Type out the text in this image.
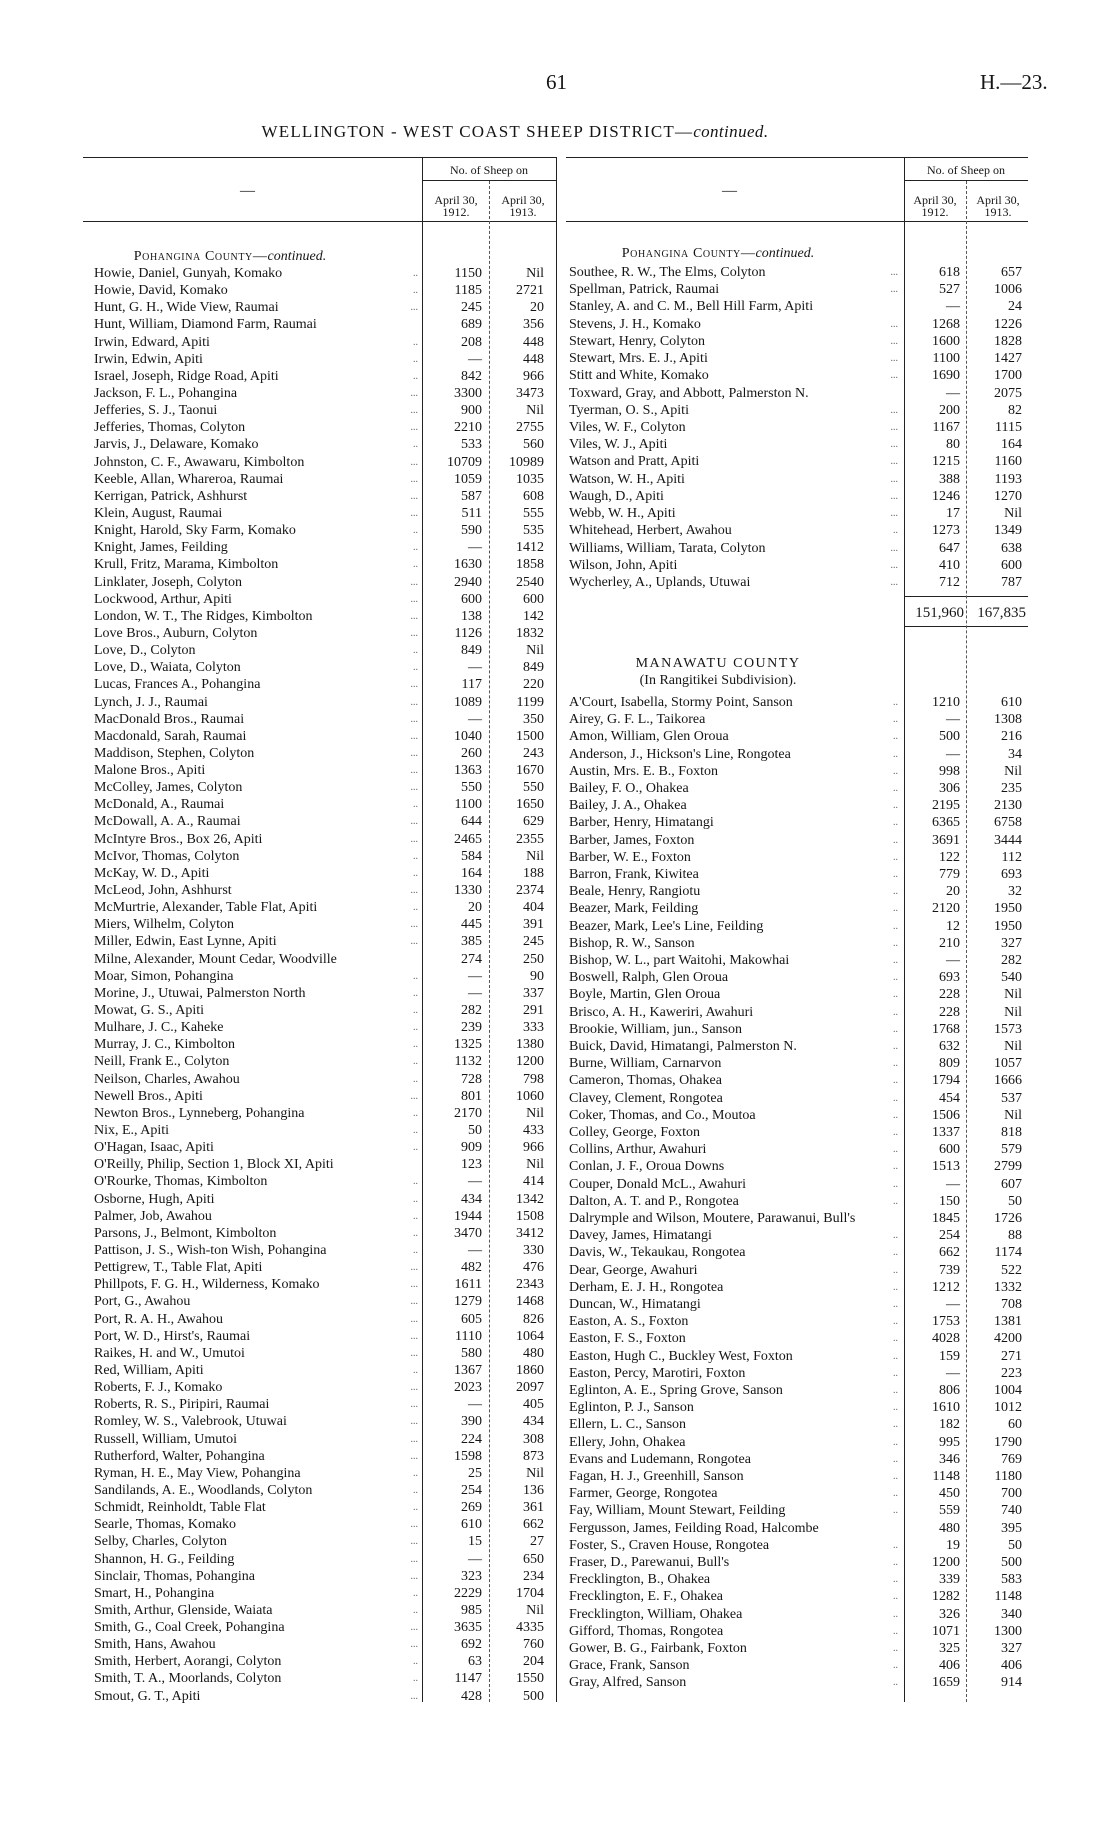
61	H.—23.
WELLINGTON - WEST COAST SHEEP DISTRICT—continued.
—	—
No. of Sheep on	No. of Sheep on
April 30, 1912.
April 30, 1913.
April 30, 1912.
April 30, 1913.
Pohangina County—continued.	Pohangina County—continued.
MANAWATU COUNTY
(In Rangitikei Subdivision).
151,960 167,835
Howie, Daniel, Gunyah, Komako	..	1150	Nil
Howie, David, Komako	..	1185	2721
Hunt, G. H., Wide View, Raumai	...	245	20
Hunt, William, Diamond Farm, Raumai	689	356
Irwin, Edward, Apiti	..	208	448
Irwin, Edwin, Apiti	..	—	448
Israel, Joseph, Ridge Road, Apiti	..	842	966
Jackson, F. L., Pohangina	...	3300	3473
Jefferies, S. J., Taonui	...	900	Nil
Jefferies, Thomas, Colyton	...	2210	2755
Jarvis, J., Delaware, Komako	..	533	560
Johnston, C. F., Awawaru, Kimbolton	...	10709	10989
Keeble, Allan, Wharerоa, Raumai	...	1059	1035
Kerrigan, Patrick, Ashhurst	...	587	608
Klein, August, Raumai	...	511	555
Knight, Harold, Sky Farm, Komako	..	590	535
Knight, James, Feilding	..	—	1412
Krull, Fritz, Marama, Kimbolton	..	1630	1858
Linklater, Joseph, Colyton	...	2940	2540
Lockwood, Arthur, Apiti	...	600	600
London, W. T., The Ridges, Kimbolton	...	138	142
Love Bros., Auburn, Colyton	...	1126	1832
Love, D., Colyton	..	849	Nil
Love, D., Waiata, Colyton	..	—	849
Lucas, Frances A., Pohangina	...	117	220
Lynch, J. J., Raumai	...	1089	1199
MacDonald Bros., Raumai	...	—	350
Macdonald, Sarah, Raumai	...	1040	1500
Maddison, Stephen, Colyton	...	260	243
Malone Bros., Apiti	...	1363	1670
McColley, James, Colyton	...	550	550
McDonald, A., Raumai	..	1100	1650
McDowall, A. A., Raumai	...	644	629
McIntyre Bros., Box 26, Apiti	...	2465	2355
McIvor, Thomas, Colyton	..	584	Nil
McKay, W. D., Apiti	..	164	188
McLeod, John, Ashhurst	...	1330	2374
McMurtrie, Alexander, Table Flat, Apiti	..	20	404
Miers, Wilhelm, Colyton	...	445	391
Miller, Edwin, East Lynne, Apiti	...	385	245
Milne, Alexander, Mount Cedar, Woodville	274	250
Moar, Simon, Pohangina	..	—	90
Morine, J., Utuwai, Palmerston North	..	—	337
Mowat, G. S., Apiti	..	282	291
Mulhare, J. C., Kaheke	..	239	333
Murray, J. C., Kimbolton	..	1325	1380
Neill, Frank E., Colyton	..	1132	1200
Neilson, Charles, Awahou	..	728	798
Newell Bros., Apiti	...	801	1060
Newton Bros., Lynneberg, Pohangina	..	2170	Nil
Nix, E., Apiti	..	50	433
O'Hagan, Isaac, Apiti	..	909	966
O'Reilly, Philip, Section 1, Block XI, Apiti	123	Nil
O'Rourke, Thomas, Kimbolton	..	—	414
Osborne, Hugh, Apiti	..	434	1342
Palmer, Job, Awahou	..	1944	1508
Parsons, J., Belmont, Kimbolton	..	3470	3412
Pattison, J. S., Wish-ton Wish, Pohangina	..	—	330
Pettigrew, T., Table Flat, Apiti	...	482	476
Phillpots, F. G. H., Wilderness, Komako	...	1611	2343
Port, G., Awahou	...	1279	1468
Port, R. A. H., Awahou	...	605	826
Port, W. D., Hirst's, Raumai	...	1110	1064
Raikes, H. and W., Umutoi	...	580	480
Red, William, Apiti	..	1367	1860
Roberts, F. J., Komako	...	2023	2097
Roberts, R. S., Piripiri, Raumai	...	—	405
Romley, W. S., Valebrook, Utuwai	...	390	434
Russell, William, Umutoi	...	224	308
Rutherford, Walter, Pohangina	...	1598	873
Ryman, H. E., May View, Pohangina	..	25	Nil
Sandilands, A. E., Woodlands, Colyton	..	254	136
Schmidt, Reinholdt, Table Flat	..	269	361
Searle, Thomas, Komako	...	610	662
Selby, Charles, Colyton	...	15	27
Shannon, H. G., Feilding	...	—	650
Sinclair, Thomas, Pohangina	...	323	234
Smart, H., Pohangina	..	2229	1704
Smith, Arthur, Glenside, Waiata	..	985	Nil
Smith, G., Coal Creek, Pohangina	...	3635	4335
Smith, Hans, Awahou	...	692	760
Smith, Herbert, Aorangi, Colyton	..	63	204
Smith, T. A., Moorlands, Colyton	..	1147	1550
Smout, G. T., Apiti	...	428	500
Southee, R. W., The Elms, Colyton	...	618	657
Spellman, Patrick, Raumai	...	527	1006
Stanley, A. and C. M., Bell Hill Farm, Apiti	—	24
Stevens, J. H., Komako	...	1268	1226
Stewart, Henry, Colyton	...	1600	1828
Stewart, Mrs. E. J., Apiti	...	1100	1427
Stitt and White, Komako	...	1690	1700
Toxward, Gray, and Abbott, Palmerston N.	—	2075
Tyerman, O. S., Apiti	...	200	82
Viles, W. F., Colyton	...	1167	1115
Viles, W. J., Apiti	...	80	164
Watson and Pratt, Apiti	...	1215	1160
Watson, W. H., Apiti	...	388	1193
Waugh, D., Apiti	...	1246	1270
Webb, W. H., Apiti	...	17	Nil
Whitehead, Herbert, Awahou	..	1273	1349
Williams, William, Tarata, Colyton	...	647	638
Wilson, John, Apiti	...	410	600
Wycherley, A., Uplands, Utuwai	...	712	787
A'Court, Isabella, Stormy Point, Sanson	..	1210	610
Airey, G. F. L., Taikorea	..	—	1308
Amon, William, Glen Oroua	..	500	216
Anderson, J., Hickson's Line, Rongotea	..	—	34
Austin, Mrs. E. B., Foxton	..	998	Nil
Bailey, F. O., Ohakea	..	306	235
Bailey, J. A., Ohakea	..	2195	2130
Barber, Henry, Himatangi	..	6365	6758
Barber, James, Foxton	..	3691	3444
Barber, W. E., Foxton	..	122	112
Barron, Frank, Kiwitea	..	779	693
Beale, Henry, Rangiotu	..	20	32
Beazer, Mark, Feilding	..	2120	1950
Beazer, Mark, Lee's Line, Feilding	..	12	1950
Bishop, R. W., Sanson	..	210	327
Bishop, W. L., part Waitohi, Makowhai	..	—	282
Boswell, Ralph, Glen Oroua	..	693	540
Boyle, Martin, Glen Oroua	..	228	Nil
Brisco, A. H., Kaweriri, Awahuri	..	228	Nil
Brookie, William, jun., Sanson	..	1768	1573
Buick, David, Himatangi, Palmerston N.	..	632	Nil
Burne, William, Carnarvon	..	809	1057
Cameron, Thomas, Ohakea	..	1794	1666
Clavey, Clement, Rongotea	..	454	537
Coker, Thomas, and Co., Moutoa	..	1506	Nil
Colley, George, Foxton	..	1337	818
Collins, Arthur, Awahuri	..	600	579
Conlan, J. F., Oroua Downs	..	1513	2799
Couper, Donald McL., Awahuri	..	—	607
Dalton, A. T. and P., Rongotea	..	150	50
Dalrymple and Wilson, Moutere, Parawanui, Bull's	1845	1726
Davey, James, Himatangi	..	254	88
Davis, W., Tekaukau, Rongotea	..	662	1174
Dear, George, Awahuri	..	739	522
Derham, E. J. H., Rongotea	..	1212	1332
Duncan, W., Himatangi	..	—	708
Easton, A. S., Foxton	..	1753	1381
Easton, F. S., Foxton	..	4028	4200
Easton, Hugh C., Buckley West, Foxton	..	159	271
Easton, Percy, Marotiri, Foxton	..	—	223
Eglinton, A. E., Spring Grove, Sanson	..	806	1004
Eglinton, P. J., Sanson	..	1610	1012
Ellern, L. C., Sanson	..	182	60
Ellery, John, Ohakea	..	995	1790
Evans and Ludemann, Rongotea	..	346	769
Fagan, H. J., Greenhill, Sanson	..	1148	1180
Farmer, George, Rongotea	..	450	700
Fay, William, Mount Stewart, Feilding	..	559	740
Fergusson, James, Feilding Road, Halcombe	480	395
Foster, S., Craven House, Rongotea	..	19	50
Fraser, D., Parewanui, Bull's	..	1200	500
Frecklington, B., Ohakea	..	339	583
Frecklington, E. F., Ohakea	..	1282	1148
Frecklington, William, Ohakea	..	326	340
Gifford, Thomas, Rongotea	..	1071	1300
Gower, B. G., Fairbank, Foxton	..	325	327
Grace, Frank, Sanson	..	406	406
Gray, Alfred, Sanson	..	1659	914
